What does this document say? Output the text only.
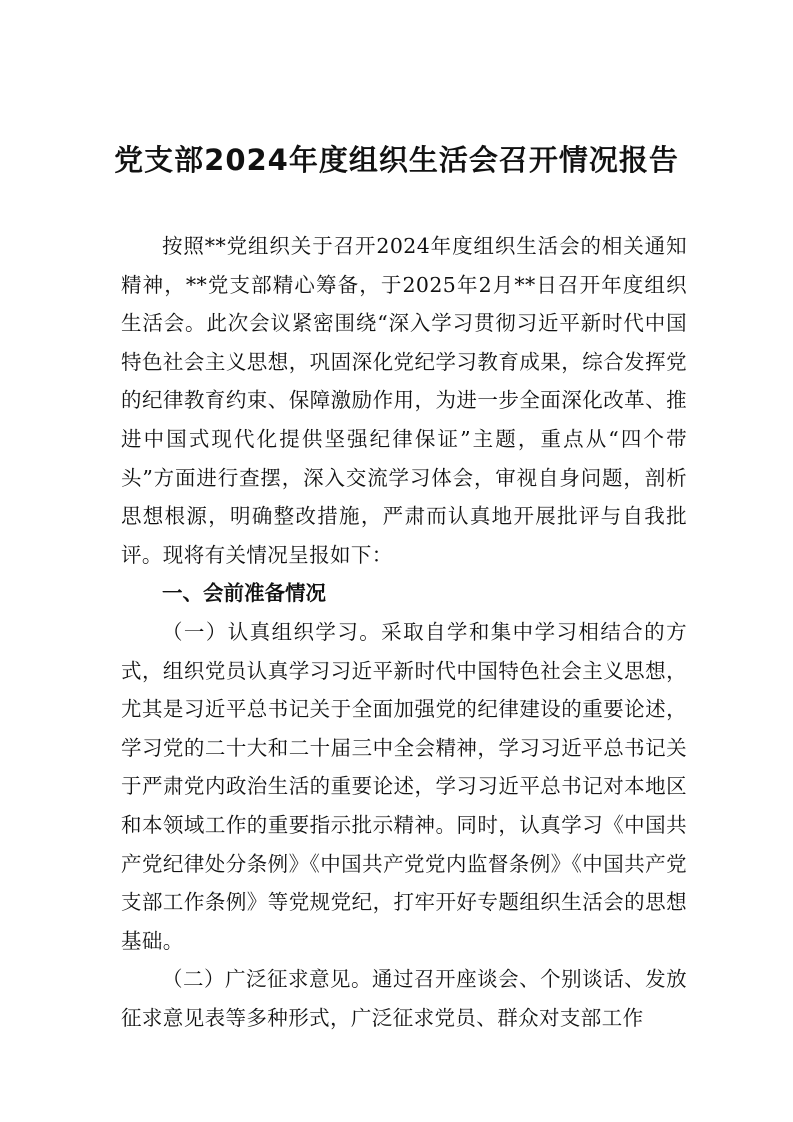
党支部2024年度组织生活会召开情况报告

按照**党组织关于召开2024年度组织生活会的相关通知精神，**党支部精心筹备，于2025年2月**日召开年度组织生活会。此次会议紧密围绕“深入学习贯彻习近平新时代中国特色社会主义思想，巩固深化党纪学习教育成果，综合发挥党的纪律教育约束、保障激励作用，为进一步全面深化改革、推进中国式现代化提供坚强纪律保证”主题，重点从“四个带头”方面进行查摆，深入交流学习体会，审视自身问题，剖析思想根源，明确整改措施，严肃而认真地开展批评与自我批评。现将有关情况呈报如下：

一、会前准备情况

（一）认真组织学习。采取自学和集中学习相结合的方式，组织党员认真学习习近平新时代中国特色社会主义思想，尤其是习近平总书记关于全面加强党的纪律建设的重要论述，学习党的二十大和二十届三中全会精神，学习习近平总书记关于严肃党内政治生活的重要论述，学习习近平总书记对本地区和本领域工作的重要指示批示精神。同时，认真学习《中国共产党纪律处分条例》《中国共产党党内监督条例》《中国共产党支部工作条例》等党规党纪，打牢开好专题组织生活会的思想基础。

（二）广泛征求意见。通过召开座谈会、个别谈话、发放征求意见表等多种形式，广泛征求党员、群众对支部工作
